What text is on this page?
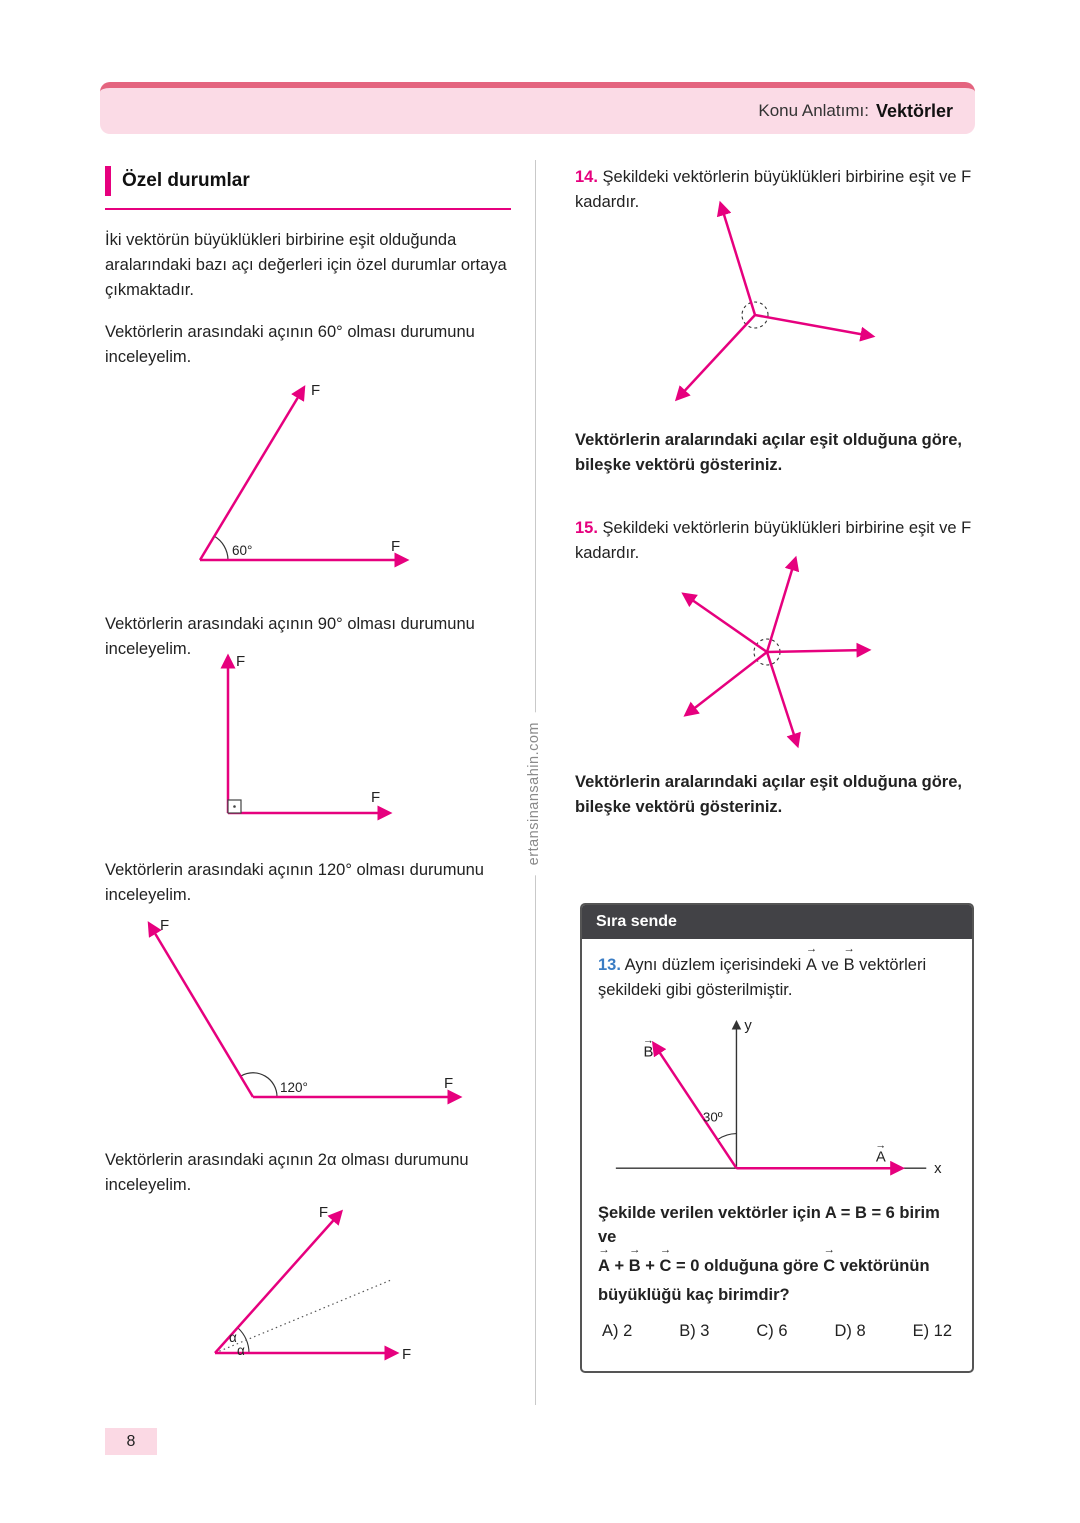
Konu Anlatımı: Vektörler
ertansinansahin.com
Özel durumlar

İki vektörün büyüklükleri birbirine eşit olduğunda aralarındaki bazı açı değerleri için özel durumlar ortaya çıkmaktadır.

Vektörlerin arasındaki açının 60° olması durumunu inceleyelim.

F
F
60°

Vektörlerin arasındaki açının 90° olması durumunu inceleyelim.

F
F

Vektörlerin arasındaki açının 120° olması durumunu inceleyelim.

F
F
120°

Vektörlerin arasındaki açının 2α olması durumunu inceleyelim.

F
F
α
α
8

14. Şekildeki vektörlerin büyüklükleri birbirine eşit ve F kadardır.

Vektörlerin aralarındaki açılar eşit olduğuna göre, bileşke vektörü gösteriniz.

15. Şekildeki vektörlerin büyüklükleri birbirine eşit ve F kadardır.

Vektörlerin aralarındaki açılar eşit olduğuna göre, bileşke vektörü gösteriniz.

Sıra sende

13. Aynı düzlem içerisindeki → A ve → B vektörleri şekildeki gibi gösterilmiştir.

y
x
A
→
B
→
30º

Şekilde verilen vektörler için A = B = 6 birim ve

→ A + → B + → C = 0 olduğuna göre → C vektörünün

büyüklüğü kaç birimdir?

A) 2	B) 3	C) 6	D) 8	E) 12
